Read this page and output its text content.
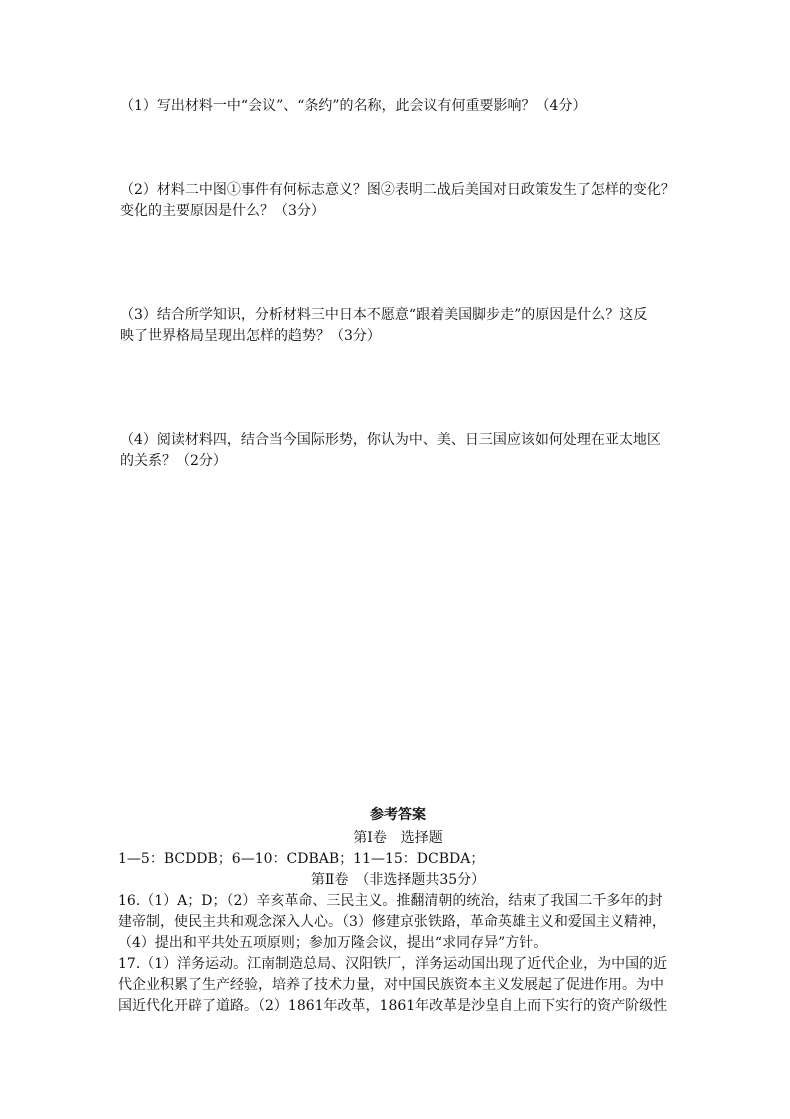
（1）写出材料一中“会议”、“条约”的名称，此会议有何重要影响？（4分）

（2）材料二中图①事件有何标志意义？图②表明二战后美国对日政策发生了怎样的变化？

变化的主要原因是什么？（3分）

（3）结合所学知识，分析材料三中日本不愿意“跟着美国脚步走”的原因是什么？这反

映了世界格局呈现出怎样的趋势？（3分）

（4）阅读材料四，结合当今国际形势，你认为中、美、日三国应该如何处理在亚太地区

的关系？（2分）

参考答案

第Ⅰ卷　选择题

1—5：BCDDB；6—10：CDBAB；11—15：DCBDA；

第Ⅱ卷　（非选择题共35分）

16.（1）A；D；（2）辛亥革命、三民主义。推翻清朝的统治，结束了我国二千多年的封

建帝制，使民主共和观念深入人心。（3）修建京张铁路，革命英雄主义和爱国主义精神，

（4）提出和平共处五项原则；参加万隆会议，提出“求同存异”方针。

17.（1）洋务运动。江南制造总局、汉阳铁厂，洋务运动国出现了近代企业，为中国的近

代企业积累了生产经验，培养了技术力量，对中国民族资本主义发展起了促进作用。为中

国近代化开辟了道路。（2）1861年改革，1861年改革是沙皇自上而下实行的资产阶级性
